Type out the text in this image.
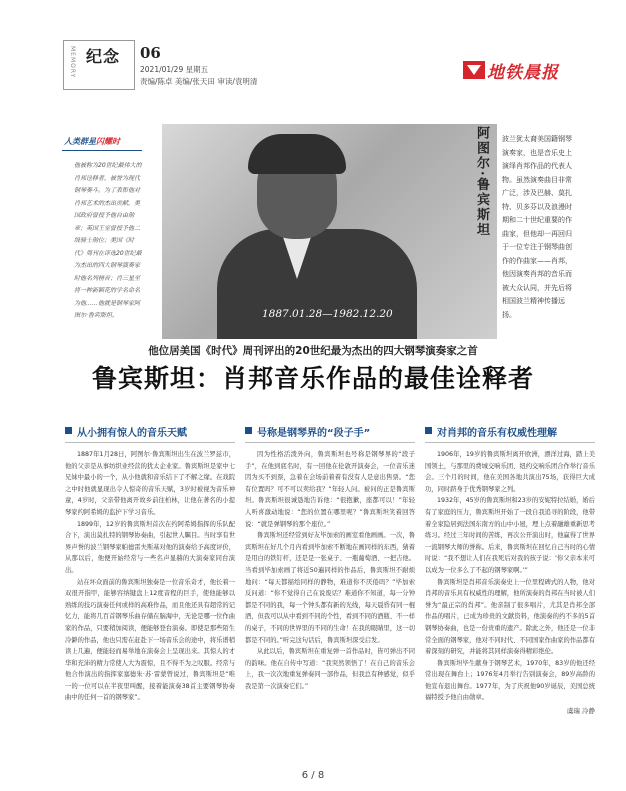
MEMORY 纪念 06
2021/01/29 星期五
责编/陈卓 美编/张天田 审读/袁明清	地铁晨报
人类群星闪耀时
他被称为20世纪最伟大的肖邦诠释者，被誉为现代钢琴奏斗。为了表彰他对肖邦艺术的杰出贡献，美国政府曾授予他自由勋章；英国王室曾授予他二级骑士勋位；美国《时代》周刊在评选20世纪最为杰出的四大钢琴演奏家时他名列榜首；肖三星至将一种新颖花的学名命名为他……他就是钢琴家阿图尔·鲁宾斯坦。	1887.01.28—1982.12.20
阿图尔·鲁宾斯坦 波兰犹太裔美国籍钢琴演奏家，也是音乐史上演绎肖邦作品的代表人物。虽然演奏曲目非常广泛，涉及巴赫、莫扎特、贝多芬以及浪漫时期和二十世纪重要的作曲家，但他却一再回归于一位专注于钢琴曲创作的作曲家——肖邦，他因演奏肖邦的音乐而被大众认同，并先后将相国波兰精神传播远扬。
他位居美国《时代》周刊评出的20世纪最为杰出的四大钢琴演奏家之首
鲁宾斯坦：肖邦音乐作品的最佳诠释者
从小拥有惊人的音乐天赋

1887年1月28日，阿图尔·鲁宾斯坦出生在波兰罗兹市，他的父亲是从事纺织业经营的犹太企业家。鲁宾斯坦是家中七兄妹中最小的一个，从小他就和音乐结下了不解之缘。在戏院之中时他就显现出令人惊奇的音乐天赋，3岁时被视为音乐神童，4岁时，父亲带他离开故乡前往柏林，让他在著名的小提琴家约阿希姆的监护下学习音乐。

1899年，12岁的鲁宾斯坦首次在约阿希姆指挥的乐队配合下，演出莫扎特的钢琴协奏曲，引起世人瞩目。当时享有世界声誉的波兰钢琴家帕德雷夫斯基对他的演奏给予高度评价，从那以后，他便开始经常与一些名声显赫的大演奏家同台演出。

站在坏众面前的鲁宾斯坦独奏是一位音乐奇才，他长着一双很开指甲，能够容纳键盘上12度音程的巨手，使他能够以熟练的技巧演奏任何或样的高难作品，而且他还具有超常的记忆力，能将几百首钢琴乐曲存储在脑海中，无论是哪一位作曲家的作品，只要稍加阅读，便能够登台演奏。即使是那些陌生冷僻的作品，他也只需在赶赴下一场音乐会的途中，将乐谱稍读上几遍，便能轻而易举地在演奏会上呈现出来。其惊人的才华和充沛的精力常使人大为震惊，且不得不为之叹服。经常与他合作演出的指挥家塞德朱·苏·雷蒙曾说过，鲁宾斯坦是“唯一的一位可以在半夜里叫醒，接着能演奏38首主要钢琴协奏曲中的任何一首的钢琴家”。

号称是钢琴界的“段子手”

因为性格活泼外向，鲁宾斯坦也号称是钢琴界的“段子手”，在他到底名时，有一回他在伦敦开演奏会，一位音乐迷因为买不到票，急着在会场前着着有没有人是意出售票。“您有位置吗？可不可以卖给我？”年轻人问。被问的正是鲁宾斯坦。鲁宾斯坦很诚恳地告诉他：“很抱歉，座都可以！”年轻人听喜激动地说：“您的位置在哪里呢？”鲁宾斯坦笑着回答说：“就是弹钢琴的那个座位。”

鲁宾斯坦还经常到好友毕加索的画室看他画画。一次，鲁宾斯坦在好几个月内看到毕加索不断地在画同样的东西，猜着是用白的铁钉杆，还是是一张桌子、一瓶葡萄酒、一把吉他。当看到毕加索画了将近50遍同样的作品后，鲁宾斯坦不耐烦地问：“每天都描绘同样的静物，难道你不厌倦吗？”毕加索反问道：“你不觉得自己在说废话？难道你不知道，每一分钟都是不同的我，每一个钟头都有新的光线，每天晨昏有同一棍酒，但我可以从中看到不同的个性，看到不同的酒瓶、不一样的桌子，不同的世界里的不同的生命！在我的眼睛里，这一切都是不同的。”听完这句话后，鲁宾斯坦深受启发。

从此以后，鲁宾斯坦在重复弹一首作品时，皆可弹出不同的韵味。他在自传中写道：“我突然领悟了！在自己的音乐会上，我一次次地重复弹奏同一部作品，但我总有种感觉，似乎我是第一次演奏它们。”

对肖邦的音乐有权威性理解

1906年，19岁的鲁宾斯坦离开欧洲，漂洋过海，踏上美国领土，与那里的费城交响乐团、纽约交响乐团合作举行音乐会。三个月的时间，他在美国各地共演出75场，获得巨大成功，同时跻身于优秀钢琴家之列。

1932年，45岁的鲁宾斯坦和23岁的安妮特拉结婚，婚后有了家庭的压力，鲁宾斯坦开始了一段自我追寻的阶段，他带着全家隐居到法国东南方的山中小屋，埋上点着融雄重新思考练习。经过三年时间的苦练，再次公开演出时，他赢得了世界一流钢琴大师的誉称。后来，鲁宾斯坦在回忆自己当时的心情时说：“我不想让人们在我死后对我的孩子说：‘你父亲本来可以成为一位多么了不起的钢琴家啊。’”

鲁宾斯坦是肖邦音乐演奏史上一位里程碑式的人物，他对肖邦的音乐具有权威性的理解，他所演奏的肖邦在当时被人们誉为“最正宗的肖邦”。他亲制了很多唱片，尤其是肖邦全部作品的唱片，已成为珍贵的文献资料，他演奏的约不多的5首钢琴协奏曲，也是一份贵重的遗产。除此之外，他还是一位非常全面的钢琴家，他对不同时代、不同国家作曲家的作品都有着深刻的研究，并能将其同样演奏得精彩绝伦。

鲁宾斯坦毕生献身于钢琴艺术，1970年，83岁的他还经常出现在舞台上；1976年4月举行告别演奏会，89岁高龄的他宣布退出舞台。1977年，为了庆祝他90岁诞辰，美国总统福特授予他自由勋章。

虞瑞 冷静
6 / 8
